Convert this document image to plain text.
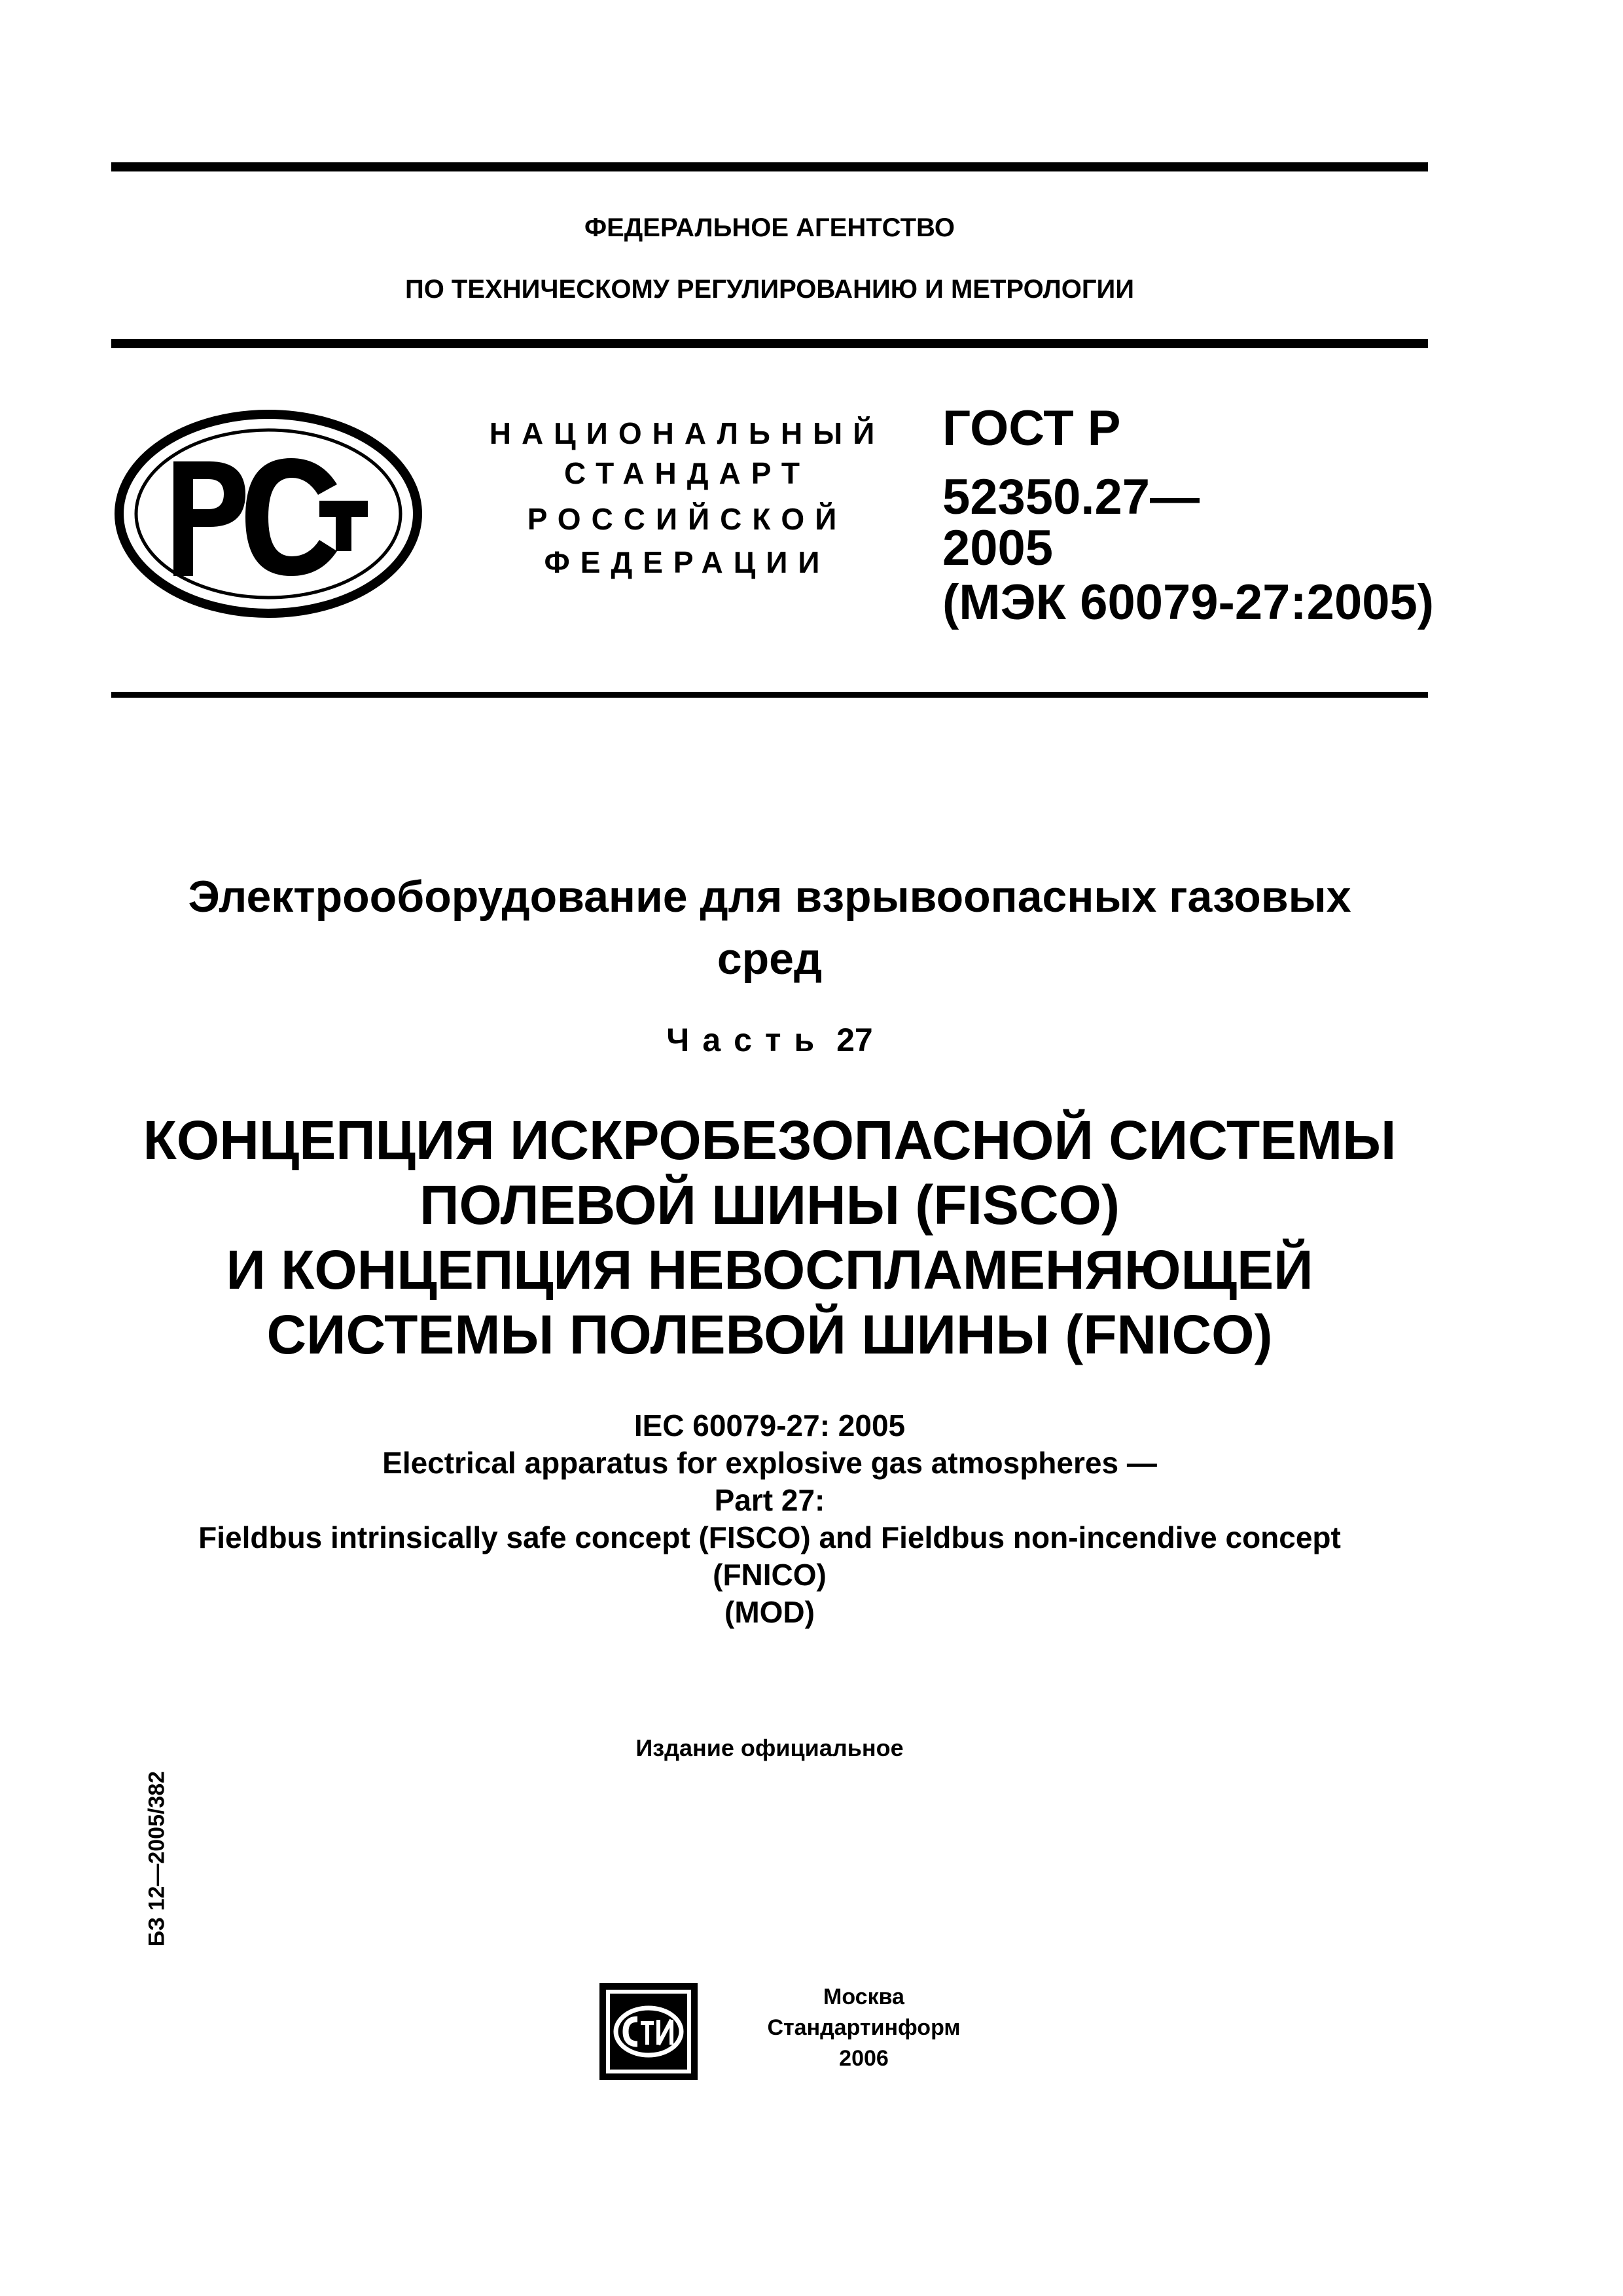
ФЕДЕРАЛЬНОЕ АГЕНТСТВО
ПО ТЕХНИЧЕСКОМУ РЕГУЛИРОВАНИЮ И МЕТРОЛОГИИ
НАЦИОНАЛЬНЫЙ
СТАНДАРТ
РОССИЙСКОЙ
ФЕДЕРАЦИИ
ГОСТ Р
52350.27—
2005
(МЭК 60079-27:2005)
Электрооборудование для взрывоопасных газовых
сред
Часть 27
КОНЦЕПЦИЯ ИСКРОБЕЗОПАСНОЙ СИСТЕМЫ
ПОЛЕВОЙ ШИНЫ (FISCO)
И КОНЦЕПЦИЯ НЕВОСПЛАМЕНЯЮЩЕЙ
СИСТЕМЫ ПОЛЕВОЙ ШИНЫ (FNICO)
IEC 60079-27: 2005
Electrical apparatus for explosive gas atmospheres —
Part 27:
Fieldbus intrinsically safe concept (FISCO) and Fieldbus non-incendive concept
(FNICO)
(MOD)
Издание официальное
БЗ 12—2005/382
Москва
Стандартинформ
2006
